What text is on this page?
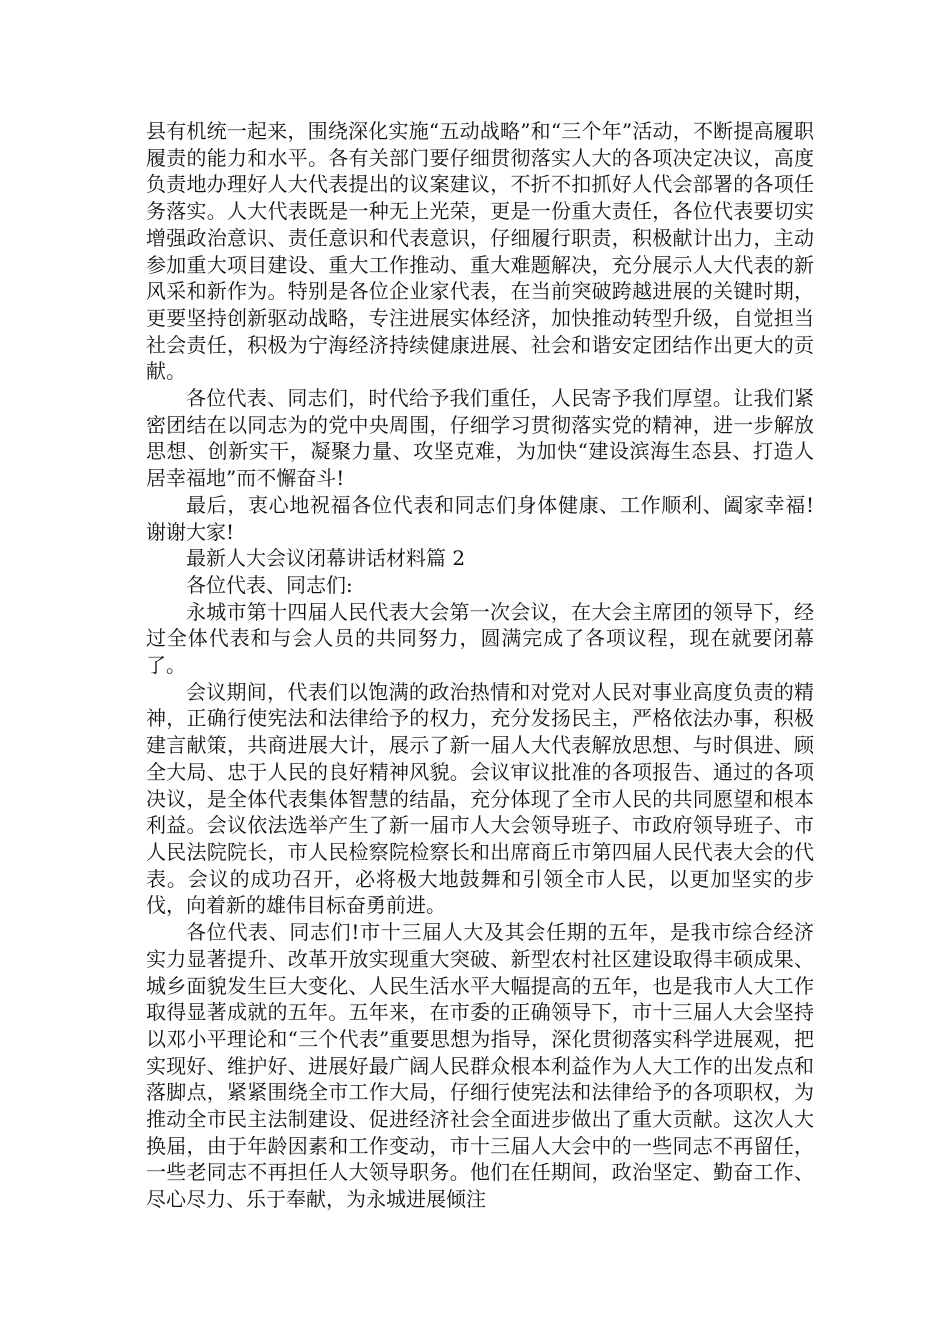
县有机统一起来，围绕深化实施“五动战略”和“三个年”活动，不断提高履职履责的能力和水平。各有关部门要仔细贯彻落实人大的各项决定决议，高度负责地办理好人大代表提出的议案建议，不折不扣抓好人代会部署的各项任务落实。人大代表既是一种无上光荣，更是一份重大责任，各位代表要切实增强政治意识、责任意识和代表意识，仔细履行职责，积极献计出力，主动参加重大项目建设、重大工作推动、重大难题解决，充分展示人大代表的新风采和新作为。特别是各位企业家代表，在当前突破跨越进展的关键时期，更要坚持创新驱动战略，专注进展实体经济，加快推动转型升级，自觉担当社会责任，积极为宁海经济持续健康进展、社会和谐安定团结作出更大的贡献。

各位代表、同志们，时代给予我们重任，人民寄予我们厚望。让我们紧密团结在以同志为的党中央周围，仔细学习贯彻落实党的精神，进一步解放思想、创新实干，凝聚力量、攻坚克难，为加快“建设滨海生态县、打造人居幸福地”而不懈奋斗!

最后，衷心地祝福各位代表和同志们身体健康、工作顺利、阖家幸福!谢谢大家!

最新人大会议闭幕讲话材料篇 2

各位代表、同志们:

永城市第十四届人民代表大会第一次会议，在大会主席团的领导下，经过全体代表和与会人员的共同努力，圆满完成了各项议程，现在就要闭幕了。

会议期间，代表们以饱满的政治热情和对党对人民对事业高度负责的精神，正确行使宪法和法律给予的权力，充分发扬民主，严格依法办事，积极建言献策，共商进展大计，展示了新一届人大代表解放思想、与时俱进、顾全大局、忠于人民的良好精神风貌。会议审议批准的各项报告、通过的各项决议，是全体代表集体智慧的结晶，充分体现了全市人民的共同愿望和根本利益。会议依法选举产生了新一届市人大会领导班子、市政府领导班子、市人民法院院长，市人民检察院检察长和出席商丘市第四届人民代表大会的代表。会议的成功召开，必将极大地鼓舞和引领全市人民，以更加坚实的步伐，向着新的雄伟目标奋勇前进。

各位代表、同志们!市十三届人大及其会任期的五年，是我市综合经济实力显著提升、改革开放实现重大突破、新型农村社区建设取得丰硕成果、城乡面貌发生巨大变化、人民生活水平大幅提高的五年，也是我市人大工作取得显著成就的五年。五年来，在市委的正确领导下，市十三届人大会坚持以邓小平理论和“三个代表”重要思想为指导，深化贯彻落实科学进展观，把实现好、维护好、进展好最广阔人民群众根本利益作为人大工作的出发点和落脚点，紧紧围绕全市工作大局，仔细行使宪法和法律给予的各项职权，为推动全市民主法制建设、促进经济社会全面进步做出了重大贡献。这次人大换届，由于年龄因素和工作变动，市十三届人大会中的一些同志不再留任，一些老同志不再担任人大领导职务。他们在任期间，政治坚定、勤奋工作、尽心尽力、乐于奉献，为永城进展倾注
